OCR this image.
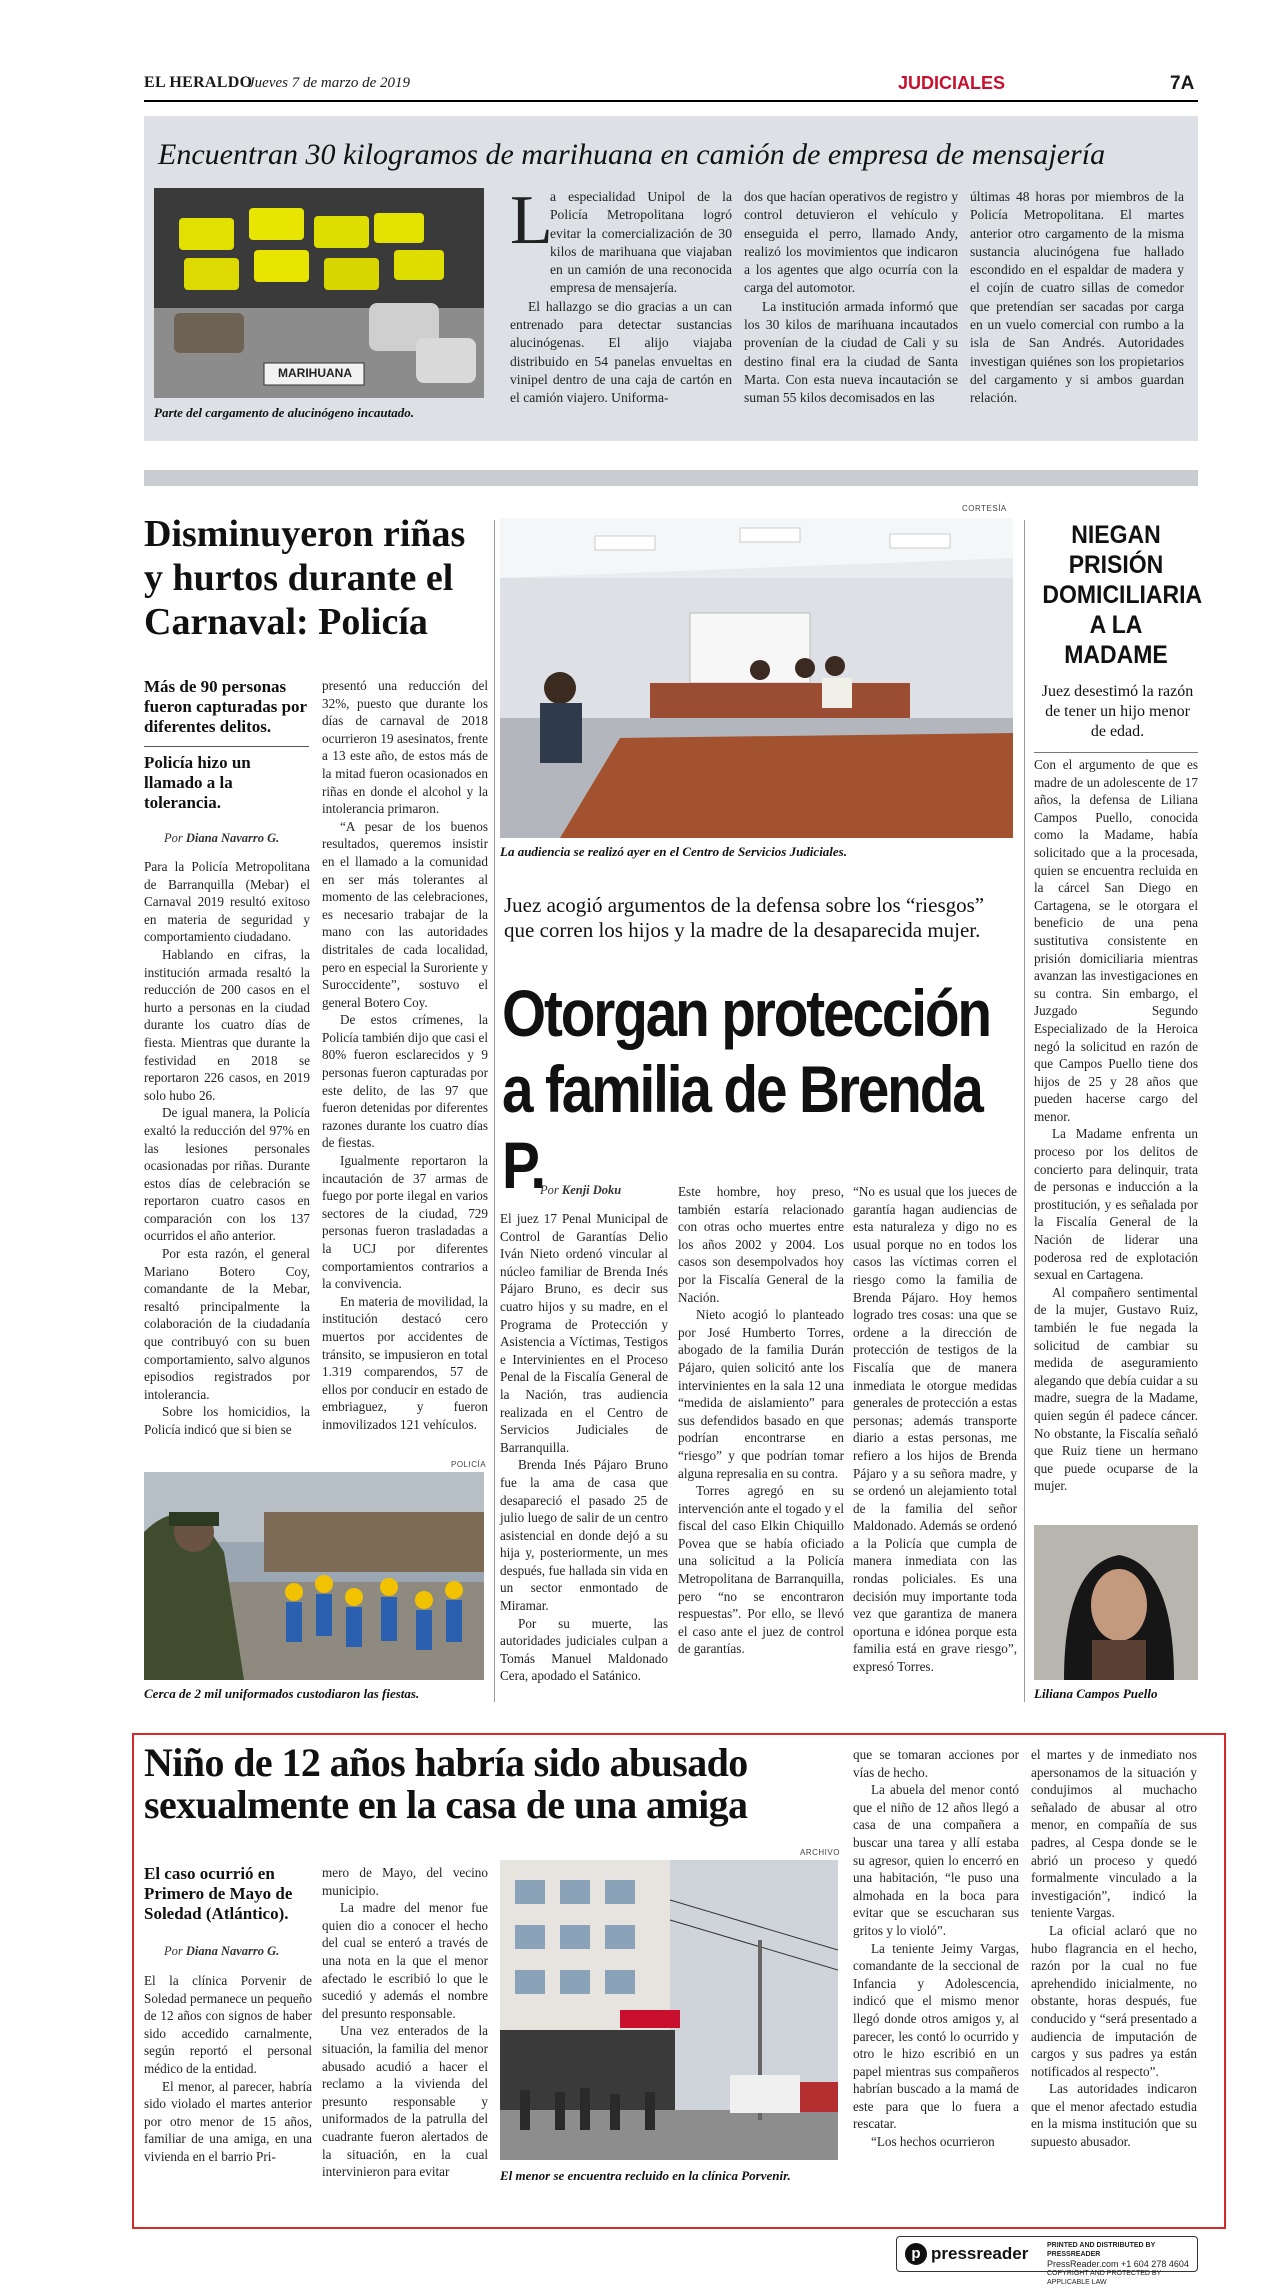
EL HERALDO
Jueves 7 de marzo de 2019	JUDICIALES	7A
Encuentran 30 kilogramos de marihuana en camión de empresa de mensajería
MARIHUANA
Parte del cargamento de alucinógeno incautado.
L

a especialidad Unipol de la Policía Metropolitana logró evitar la comercialización de 30 kilos de marihuana que viajaban en un camión de una reconocida empresa de mensajería.

El hallazgo se dio gracias a un can entrenado para detectar sustancias alucinógenas. El alijo viajaba distribuido en 54 panelas envueltas en vinipel dentro de una caja de cartón en el camión viajero. Uniforma-

dos que hacían operativos de registro y control detuvieron el vehículo y enseguida el perro, llamado Andy, realizó los movimientos que indicaron a los agentes que algo ocurría con la carga del automotor.

La institución armada informó que los 30 kilos de marihuana incautados provenían de la ciudad de Cali y su destino final era la ciudad de Santa Marta. Con esta nueva incautación se suman 55 kilos decomisados en las

últimas 48 horas por miembros de la Policía Metropolitana. El martes anterior otro cargamento de la misma sustancia alucinógena fue hallado escondido en el espaldar de madera y el cojín de cuatro sillas de comedor que pretendían ser sacadas por carga en un vuelo comercial con rumbo a la isla de San Andrés. Autoridades investigan quiénes son los propietarios del cargamento y si ambos guardan relación.

Disminuyeron riñas y hurtos durante el Carnaval: Policía
Más de 90 personas fueron capturadas por diferentes delitos.
Policía hizo un llamado a la tolerancia.
Por Diana Navarro G.

Para la Policía Metropolitana de Barranquilla (Mebar) el Carnaval 2019 resultó exitoso en materia de seguridad y comportamiento ciudadano.

Hablando en cifras, la institución armada resaltó la reducción de 200 casos en el hurto a personas en la ciudad durante los cuatro días de fiesta. Mientras que durante la festividad en 2018 se reportaron 226 casos, en 2019 solo hubo 26.

De igual manera, la Policía exaltó la reducción del 97% en las lesiones personales ocasionadas por riñas. Durante estos días de celebración se reportaron cuatro casos en comparación con los 137 ocurridos el año anterior.

Por esta razón, el general Mariano Botero Coy, comandante de la Mebar, resaltó principalmente la colaboración de la ciudadanía que contribuyó con su buen comportamiento, salvo algunos episodios registrados por intolerancia.

Sobre los homicidios, la Policía indicó que si bien se

presentó una reducción del 32%, puesto que durante los días de carnaval de 2018 ocurrieron 19 asesinatos, frente a 13 este año, de estos más de la mitad fueron ocasionados en riñas en donde el alcohol y la intolerancia primaron.

“A pesar de los buenos resultados, queremos insistir en el llamado a la comunidad en ser más tolerantes al momento de las celebraciones, es necesario trabajar de la mano con las autoridades distritales de cada localidad, pero en especial la Suroriente y Suroccidente”, sostuvo el general Botero Coy.

De estos crímenes, la Policía también dijo que casi el 80% fueron esclarecidos y 9 personas fueron capturadas por este delito, de las 97 que fueron detenidas por diferentes razones durante los cuatro días de fiestas.

Igualmente reportaron la incautación de 37 armas de fuego por porte ilegal en varios sectores de la ciudad, 729 personas fueron trasladadas a la UCJ por diferentes comportamientos contrarios a la convivencia.

En materia de movilidad, la institución destacó cero muertos por accidentes de tránsito, se impusieron en total 1.319 comparendos, 57 de ellos por conducir en estado de embriaguez, y fueron inmovilizados 121 vehículos.

POLICÍA
Cerca de 2 mil uniformados custodiaron las fiestas.
CORTESÍA
La audiencia se realizó ayer en el Centro de Servicios Judiciales.
Juez acogió argumentos de la defensa sobre los “riesgos” que corren los hijos y la madre de la desaparecida mujer.
Otorgan protección a familia de Brenda P.
Por Kenji Doku

El juez 17 Penal Municipal de Control de Garantías Delio Iván Nieto ordenó vincular al núcleo familiar de Brenda Inés Pájaro Bruno, es decir sus cuatro hijos y su madre, en el Programa de Protección y Asistencia a Víctimas, Testigos e Intervinientes en el Proceso Penal de la Fiscalía General de la Nación, tras audiencia realizada en el Centro de Servicios Judiciales de Barranquilla.

Brenda Inés Pájaro Bruno fue la ama de casa que desapareció el pasado 25 de julio luego de salir de un centro asistencial en donde dejó a su hija y, posteriormente, un mes después, fue hallada sin vida en un sector enmontado de Miramar.

Por su muerte, las autoridades judiciales culpan a Tomás Manuel Maldonado Cera, apodado el Satánico.

Este hombre, hoy preso, también estaría relacionado con otras ocho muertes entre los años 2002 y 2004. Los casos son desempolvados hoy por la Fiscalía General de la Nación.

Nieto acogió lo planteado por José Humberto Torres, abogado de la familia Durán Pájaro, quien solicitó ante los intervinientes en la sala 12 una “medida de aislamiento” para sus defendidos basado en que podrían encontrarse en “riesgo” y que podrían tomar alguna represalia en su contra.

Torres agregó en su intervención ante el togado y el fiscal del caso Elkin Chiquillo Povea que se había oficiado una solicitud a la Policía Metropolitana de Barranquilla, pero “no se encontraron respuestas”. Por ello, se llevó el caso ante el juez de control de garantías.

“No es usual que los jueces de garantía hagan audiencias de esta naturaleza y digo no es usual porque no en todos los casos las víctimas corren el riesgo como la familia de Brenda Pájaro. Hoy hemos logrado tres cosas: una que se ordene a la dirección de protección de testigos de la Fiscalía que de manera inmediata le otorgue medidas generales de protección a estas personas; además transporte diario a estas personas, me refiero a los hijos de Brenda Pájaro y a su señora madre, y se ordenó un alejamiento total de la familia del señor Maldonado. Además se ordenó a la Policía que cumpla de manera inmediata con las rondas policiales. Es una decisión muy importante toda vez que garantiza de manera oportuna e idónea porque esta familia está en grave riesgo”, expresó Torres.

NIEGAN PRISIÓN DOMICILIARIA A LA MADAME
Juez desestimó la razón de tener un hijo menor de edad.

Con el argumento de que es madre de un adolescente de 17 años, la defensa de Liliana Campos Puello, conocida como la Madame, había solicitado que a la procesada, quien se encuentra recluida en la cárcel San Diego en Cartagena, se le otorgara el beneficio de una pena sustitutiva consistente en prisión domiciliaria mientras avanzan las investigaciones en su contra. Sin embargo, el Juzgado Segundo Especializado de la Heroica negó la solicitud en razón de que Campos Puello tiene dos hijos de 25 y 28 años que pueden hacerse cargo del menor.

La Madame enfrenta un proceso por los delitos de concierto para delinquir, trata de personas e inducción a la prostitución, y es señalada por la Fiscalía General de la Nación de liderar una poderosa red de explotación sexual en Cartagena.

Al compañero sentimental de la mujer, Gustavo Ruiz, también le fue negada la solicitud de cambiar su medida de aseguramiento alegando que debía cuidar a su madre, suegra de la Madame, quien según él padece cáncer. No obstante, la Fiscalía señaló que Ruiz tiene un hermano que puede ocuparse de la mujer.

Liliana Campos Puello
Niño de 12 años habría sido abusado sexualmente en la casa de una amiga
El caso ocurrió en Primero de Mayo de Soledad (Atlántico).
Por Diana Navarro G.

El la clínica Porvenir de Soledad permanece un pequeño de 12 años con signos de haber sido accedido carnalmente, según reportó el personal médico de la entidad.

El menor, al parecer, habría sido violado el martes anterior por otro menor de 15 años, familiar de una amiga, en una vivienda en el barrio Pri-

mero de Mayo, del vecino municipio.

La madre del menor fue quien dio a conocer el hecho del cual se enteró a través de una nota en la que el menor afectado le escribió lo que le sucedió y además el nombre del presunto responsable.

Una vez enterados de la situación, la familia del menor abusado acudió a hacer el reclamo a la vivienda del presunto responsable y uniformados de la patrulla del cuadrante fueron alertados de la situación, en la cual intervinieron para evitar

ARCHIVO
El menor se encuentra recluido en la clínica Porvenir.

que se tomaran acciones por vías de hecho.

La abuela del menor contó que el niño de 12 años llegó a casa de una compañera a buscar una tarea y allí estaba su agresor, quien lo encerró en una habitación, “le puso una almohada en la boca para evitar que se escucharan sus gritos y lo violó”.

La teniente Jeimy Vargas, comandante de la seccional de Infancia y Adolescencia, indicó que el mismo menor llegó donde otros amigos y, al parecer, les contó lo ocurrido y otro le hizo escribió en un papel mientras sus compañeros habrían buscado a la mamá de este para que lo fuera a rescatar.

“Los hechos ocurrieron

el martes y de inmediato nos apersonamos de la situación y condujimos al muchacho señalado de abusar al otro menor, en compañía de sus padres, al Cespa donde se le abrió un proceso y quedó formalmente vinculado a la investigación”, indicó la teniente Vargas.

La oficial aclaró que no hubo flagrancia en el hecho, razón por la cual no fue aprehendido inicialmente, no obstante, horas después, fue conducido y “será presentado a audiencia de imputación de cargos y sus padres ya están notificados al respecto”.

Las autoridades indicaron que el menor afectado estudia en la misma institución que su supuesto abusador.

p pressreader	PRINTED AND DISTRIBUTED BY PRESSREADER
PressReader.com +1 604 278 4604
COPYRIGHT AND PROTECTED BY APPLICABLE LAW
